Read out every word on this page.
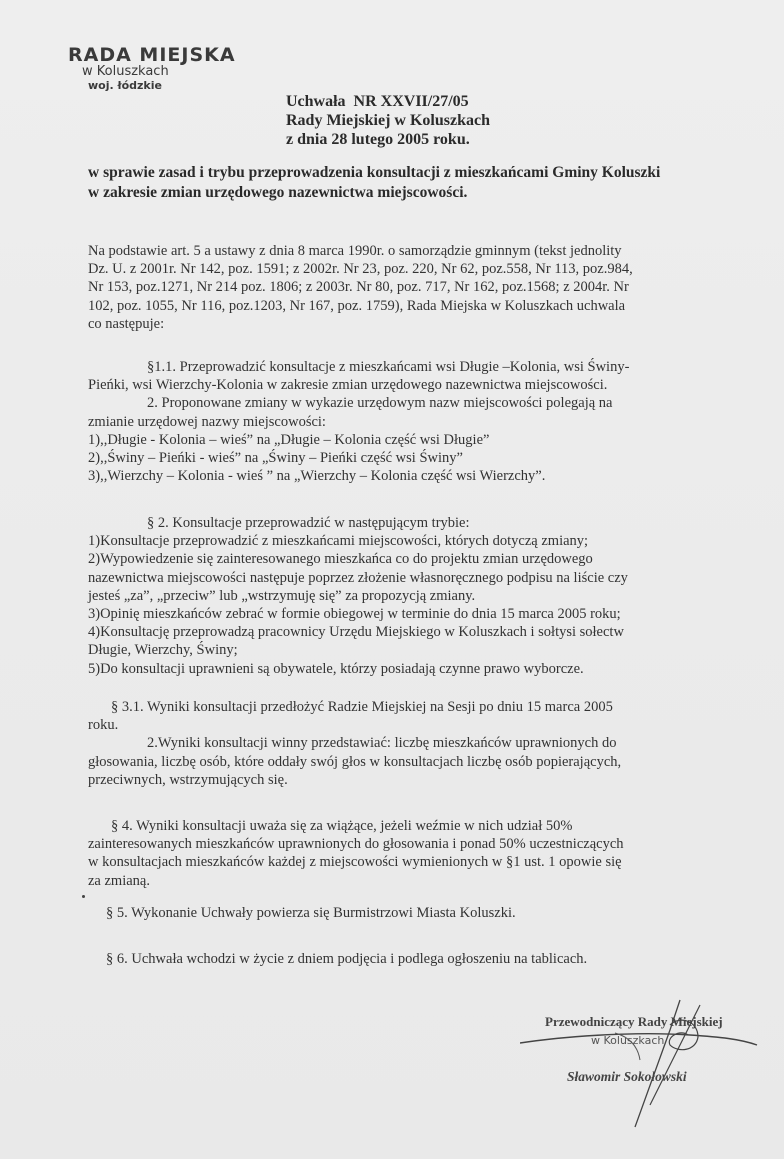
RADA MIEJSKA
w Koluszkach
woj. łódzkie
Uchwała  NR XXVII/27/05
Rady Miejskiej w Koluszkach
z dnia 28 lutego 2005 roku.
w sprawie zasad i trybu przeprowadzenia konsultacji z mieszkańcami Gminy Koluszki
w zakresie zmian urzędowego nazewnictwa miejscowości.
Na podstawie art. 5 a ustawy z dnia 8 marca 1990r. o samorządzie gminnym (tekst jednolity
Dz. U. z 2001r. Nr 142, poz. 1591; z 2002r. Nr 23, poz. 220, Nr 62, poz.558, Nr 113, poz.984,
Nr 153, poz.1271, Nr 214 poz. 1806; z 2003r. Nr 80, poz. 717, Nr 162, poz.1568; z 2004r. Nr
102, poz. 1055, Nr 116, poz.1203, Nr 167, poz. 1759), Rada Miejska w Koluszkach uchwala
co następuje:
§1.1. Przeprowadzić konsultacje z mieszkańcami wsi Długie –Kolonia, wsi Świny-
Pieńki, wsi Wierzchy-Kolonia w zakresie zmian urzędowego nazewnictwa miejscowości.
2. Proponowane zmiany w wykazie urzędowym nazw miejscowości polegają na
zmianie urzędowej nazwy miejscowości:
1),,Długie - Kolonia – wieś” na „Długie – Kolonia część wsi Długie”
2),,Świny – Pieńki - wieś” na „Świny – Pieńki część wsi Świny”
3),,Wierzchy – Kolonia - wieś ” na „Wierzchy – Kolonia część wsi Wierzchy”.
§ 2. Konsultacje przeprowadzić w następującym trybie:
1)Konsultacje przeprowadzić z mieszkańcami miejscowości, których dotyczą zmiany;
2)Wypowiedzenie się zainteresowanego mieszkańca co do projektu zmian urzędowego
nazewnictwa miejscowości następuje poprzez złożenie własnoręcznego podpisu na liście czy
jesteś „za”, „przeciw” lub „wstrzymuję się” za propozycją zmiany.
3)Opinię mieszkańców zebrać w formie obiegowej w terminie do dnia 15 marca 2005 roku;
4)Konsultację przeprowadzą pracownicy Urzędu Miejskiego w Koluszkach i sołtysi sołectw
Długie, Wierzchy, Świny;
5)Do konsultacji uprawnieni są obywatele, którzy posiadają czynne prawo wyborcze.
§ 3.1. Wyniki konsultacji przedłożyć Radzie Miejskiej na Sesji po dniu 15 marca 2005
roku.
2.Wyniki konsultacji winny przedstawiać: liczbę mieszkańców uprawnionych do
głosowania, liczbę osób, które oddały swój głos w konsultacjach liczbę osób popierających,
przeciwnych, wstrzymujących się.
§ 4. Wyniki konsultacji uważa się za wiążące, jeżeli weźmie w nich udział 50%
zainteresowanych mieszkańców uprawnionych do głosowania i ponad 50% uczestniczących
w konsultacjach mieszkańców każdej z miejscowości wymienionych w §1 ust. 1 opowie się
za zmianą.
§ 5. Wykonanie Uchwały powierza się Burmistrzowi Miasta Koluszki.
§ 6. Uchwała wchodzi w życie z dniem podjęcia i podlega ogłoszeniu na tablicach.
Przewodniczący Rady Miejskiej
w Koluszkach
Sławomir Sokołowski
